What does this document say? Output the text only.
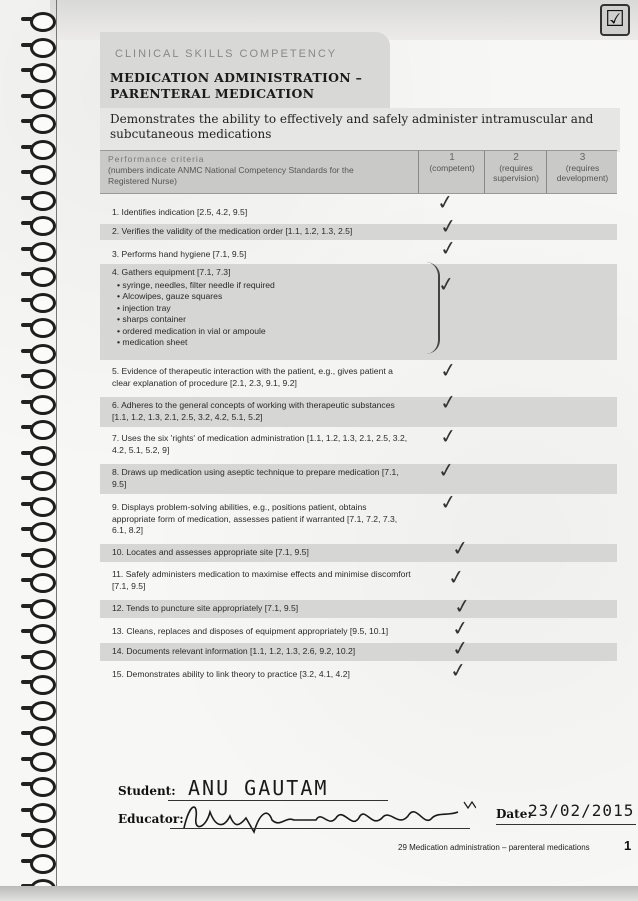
☑
CLINICAL SKILLS COMPETENCY
MEDICATION ADMINISTRATION –
PARENTERAL MEDICATION
Demonstrates the ability to effectively and safely administer intramuscular and subcutaneous medications
Performance criteria
(numbers indicate ANMC National Competency Standards for the Registered Nurse)
1
(competent)
2
(requires supervision)
3
(requires development)
1. Identifies indication [2.5, 4.2, 9.5]
2. Verifies the validity of the medication order [1.1, 1.2, 1.3, 2.5]
3. Performs hand hygiene [7.1, 9.5]
4. Gathers equipment [7.1, 7.3]
• syringe, needles, filter needle if required
• Alcowipes, gauze squares
• injection tray
• sharps container
• ordered medication in vial or ampoule
• medication sheet
5. Evidence of therapeutic interaction with the patient, e.g., gives patient a clear explanation of procedure [2.1, 2.3, 9.1, 9.2]
6. Adheres to the general concepts of working with therapeutic substances [1.1, 1.2, 1.3, 2.1, 2.5, 3.2, 4.2, 5.1, 5.2]
7. Uses the six 'rights' of medication administration [1.1, 1.2, 1.3, 2.1, 2.5, 3.2, 4.2, 5.1, 5.2, 9]
8. Draws up medication using aseptic technique to prepare medication [7.1, 9.5]
9. Displays problem-solving abilities, e.g., positions patient, obtains appropriate form of medication, assesses patient if warranted [7.1, 7.2, 7.3, 6.1, 8.2]
10. Locates and assesses appropriate site [7.1, 9.5]
11. Safely administers medication to maximise effects and minimise discomfort [7.1, 9.5]
12. Tends to puncture site appropriately [7.1, 9.5]
13. Cleans, replaces and disposes of equipment appropriately [9.5, 10.1]
14. Documents relevant information [1.1, 1.2, 1.3, 2.6, 9.2, 10.2]
15. Demonstrates ability to link theory to practice [3.2, 4.1, 4.2]
✓
✓
✓
✓
✓
✓
✓
✓
✓
✓
✓
✓
✓
✓
✓
Student: ANU GAUTAM
Educator:	Date:
23/02/2015
29 Medication administration – parenteral medications	1
